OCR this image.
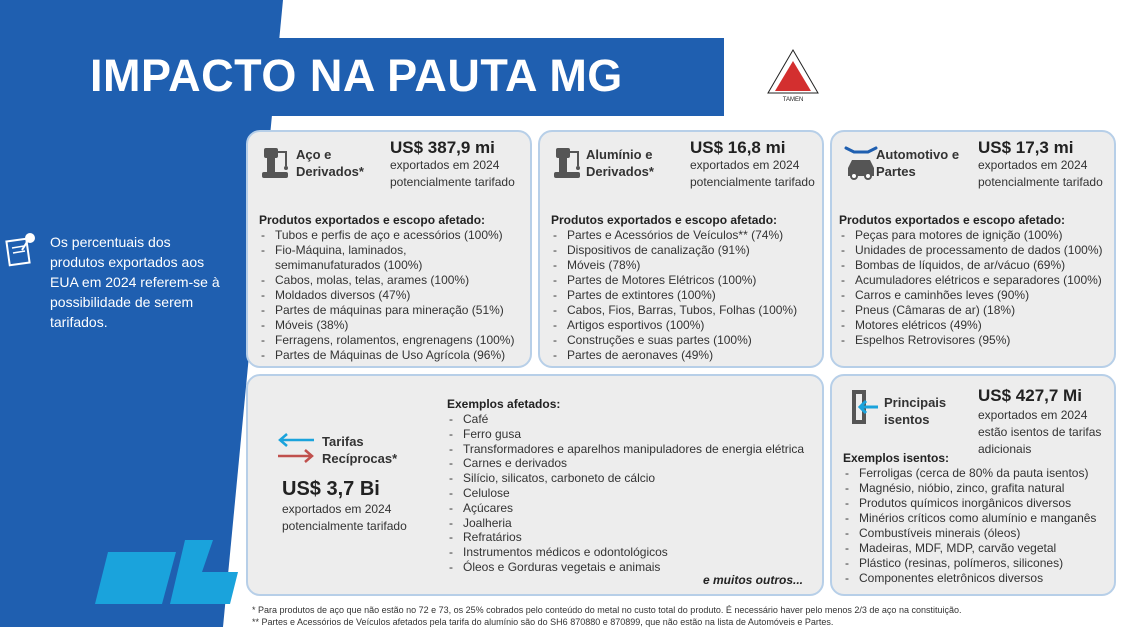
IMPACTO NA PAUTA MG	TAMEN
Os percentuais dos produtos exportados aos EUA em 2024 referem-se à possibilidade de serem tarifados.
Aço e Derivados*
US$ 387,9 mi
exportados em 2024 potencialmente tarifado
Produtos exportados e escopo afetado:
- Tubos e perfis de aço e acessórios (100%)
- Fio-Máquina, laminados, semimanufaturados (100%)
- Cabos, molas, telas, arames (100%)
- Moldados diversos (47%)
- Partes de máquinas para mineração (51%)
- Móveis (38%)
- Ferragens, rolamentos, engrenagens (100%)
- Partes de Máquinas de Uso Agrícola (96%)
Alumínio e Derivados*
US$ 16,8 mi
exportados em 2024 potencialmente tarifado
Produtos exportados e escopo afetado:
- Partes e Acessórios de Veículos** (74%)
- Dispositivos de canalização (91%)
- Móveis (78%)
- Partes de Motores Elétricos (100%)
- Partes de extintores (100%)
- Cabos, Fios, Barras, Tubos, Folhas (100%)
- Artigos esportivos (100%)
- Construções e suas partes (100%)
- Partes de aeronaves (49%)
Automotivo e Partes
US$ 17,3 mi
exportados em 2024 potencialmente tarifado
Produtos exportados e escopo afetado:
- Peças para motores de ignição (100%)
- Unidades de processamento de dados (100%)
- Bombas de líquidos, de ar/vácuo (69%)
- Acumuladores elétricos e separadores (100%)
- Carros e caminhões leves (90%)
- Pneus (Câmaras de ar) (18%)
- Motores elétricos (49%)
- Espelhos Retrovisores (95%)
Tarifas Recíprocas*
US$ 3,7 Bi
exportados em 2024 potencialmente tarifado
Exemplos afetados:
- Café
- Ferro gusa
- Transformadores e aparelhos manipuladores de energia elétrica
- Carnes e derivados
- Silício, silicatos, carboneto de cálcio
- Celulose
- Açúcares
- Joalheria
- Refratários
- Instrumentos médicos e odontológicos
- Óleos e Gorduras vegetais e animais
e muitos outros...
Principais isentos
US$ 427,7 Mi
exportados em 2024 estão isentos de tarifas adicionais
Exemplos isentos:
- Ferroligas (cerca de 80% da pauta isentos)
- Magnésio, nióbio, zinco, grafita natural
- Produtos químicos inorgânicos diversos
- Minérios críticos como alumínio e manganês
- Combustíveis minerais (óleos)
- Madeiras, MDF, MDP, carvão vegetal
- Plástico (resinas, polímeros, silicones)
- Componentes eletrônicos diversos
* Para produtos de aço que não estão no 72 e 73, os 25% cobrados pelo conteúdo do metal no custo total do produto. É necessário haver pelo menos 2/3 de aço na constituição.
** Partes e Acessórios de Veículos afetados pela tarifa do alumínio são do SH6 870880 e 870899, que não estão na lista de Automóveis e Partes.
